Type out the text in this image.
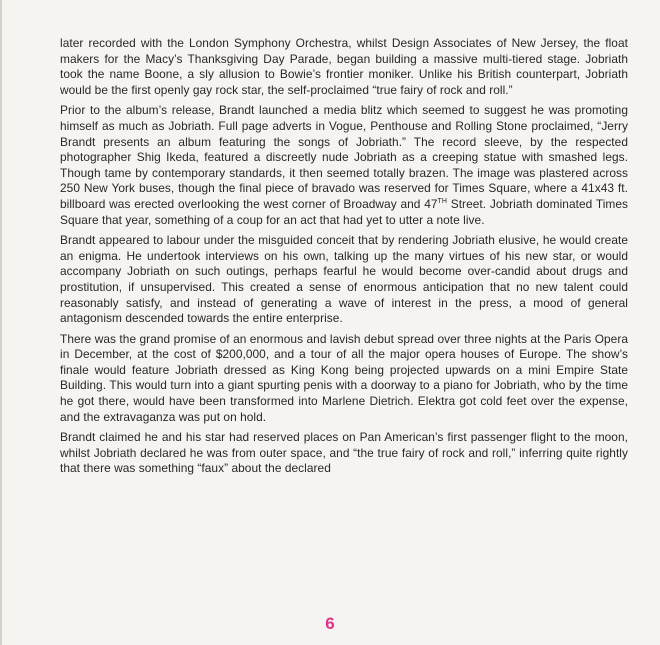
later recorded with the London Symphony Orchestra, whilst Design Associates of New Jersey, the float makers for the Macy’s Thanksgiving Day Parade, began building a massive multi-tiered stage. Jobriath took the name Boone, a sly allusion to Bowie’s frontier moniker. Unlike his British counterpart, Jobriath would be the first openly gay rock star, the self-proclaimed “true fairy of rock and roll.”

Prior to the album’s release, Brandt launched a media blitz which seemed to suggest he was promoting himself as much as Jobriath. Full page adverts in Vogue, Penthouse and Rolling Stone proclaimed, “Jerry Brandt presents an album featuring the songs of Jobriath.” The record sleeve, by the respected photographer Shig Ikeda, featured a discreetly nude Jobriath as a creeping statue with smashed legs. Though tame by contemporary standards, it then seemed totally brazen. The image was plastered across 250 New York buses, though the final piece of bravado was reserved for Times Square, where a 41x43 ft. billboard was erected overlooking the west corner of Broadway and 47TH Street. Jobriath dominated Times Square that year, something of a coup for an act that had yet to utter a note live.

Brandt appeared to labour under the misguided conceit that by rendering Jobriath elusive, he would create an enigma. He undertook interviews on his own, talking up the many virtues of his new star, or would accompany Jobriath on such outings, perhaps fearful he would become over-candid about drugs and prostitution, if unsupervised. This created a sense of enormous anticipation that no new talent could reasonably satisfy, and instead of generating a wave of interest in the press, a mood of general antagonism descended towards the entire enterprise.

There was the grand promise of an enormous and lavish debut spread over three nights at the Paris Opera in December, at the cost of $200,000, and a tour of all the major opera houses of Europe. The show’s finale would feature Jobriath dressed as King Kong being projected upwards on a mini Empire State Building. This would turn into a giant spurting penis with a doorway to a piano for Jobriath, who by the time he got there, would have been transformed into Marlene Dietrich. Elektra got cold feet over the expense, and the extravaganza was put on hold.

Brandt claimed he and his star had reserved places on Pan American’s first passenger flight to the moon, whilst Jobriath declared he was from outer space, and “the true fairy of rock and roll,” inferring quite rightly that there was something “faux” about the declared

6
